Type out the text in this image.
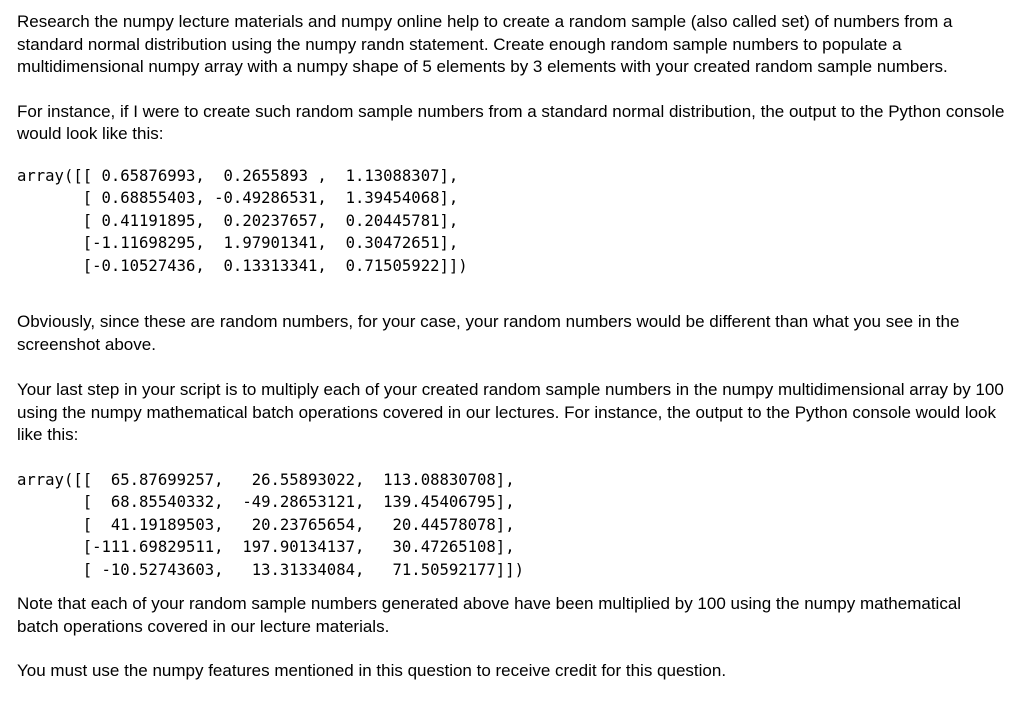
Research the numpy lecture materials and numpy online help to create a random sample (also called set) of numbers from a standard normal distribution using the numpy randn statement. Create enough random sample numbers to populate a multidimensional numpy array with a numpy shape of 5 elements by 3 elements with your created random sample numbers.

For instance, if I were to create such random sample numbers from a standard normal distribution, the output to the Python console would look like this:

array([[ 0.65876993,  0.2655893 ,  1.13088307],
[ 0.68855403, -0.49286531,  1.39454068],
[ 0.41191895,  0.20237657,  0.20445781],
[-1.11698295,  1.97901341,  0.30472651],
[-0.10527436,  0.13313341,  0.71505922]])

Obviously, since these are random numbers, for your case, your random numbers would be different than what you see in the screenshot above.

Your last step in your script is to multiply each of your created random sample numbers in the numpy multidimensional array by 100 using the numpy mathematical batch operations covered in our lectures. For instance, the output to the Python console would look like this:

array([[  65.87699257,   26.55893022,  113.08830708],
[  68.85540332,  -49.28653121,  139.45406795],
[  41.19189503,   20.23765654,   20.44578078],
[-111.69829511,  197.90134137,   30.47265108],
[ -10.52743603,   13.31334084,   71.50592177]])

Note that each of your random sample numbers generated above have been multiplied by 100 using the numpy mathematical batch operations covered in our lecture materials.

You must use the numpy features mentioned in this question to receive credit for this question.
